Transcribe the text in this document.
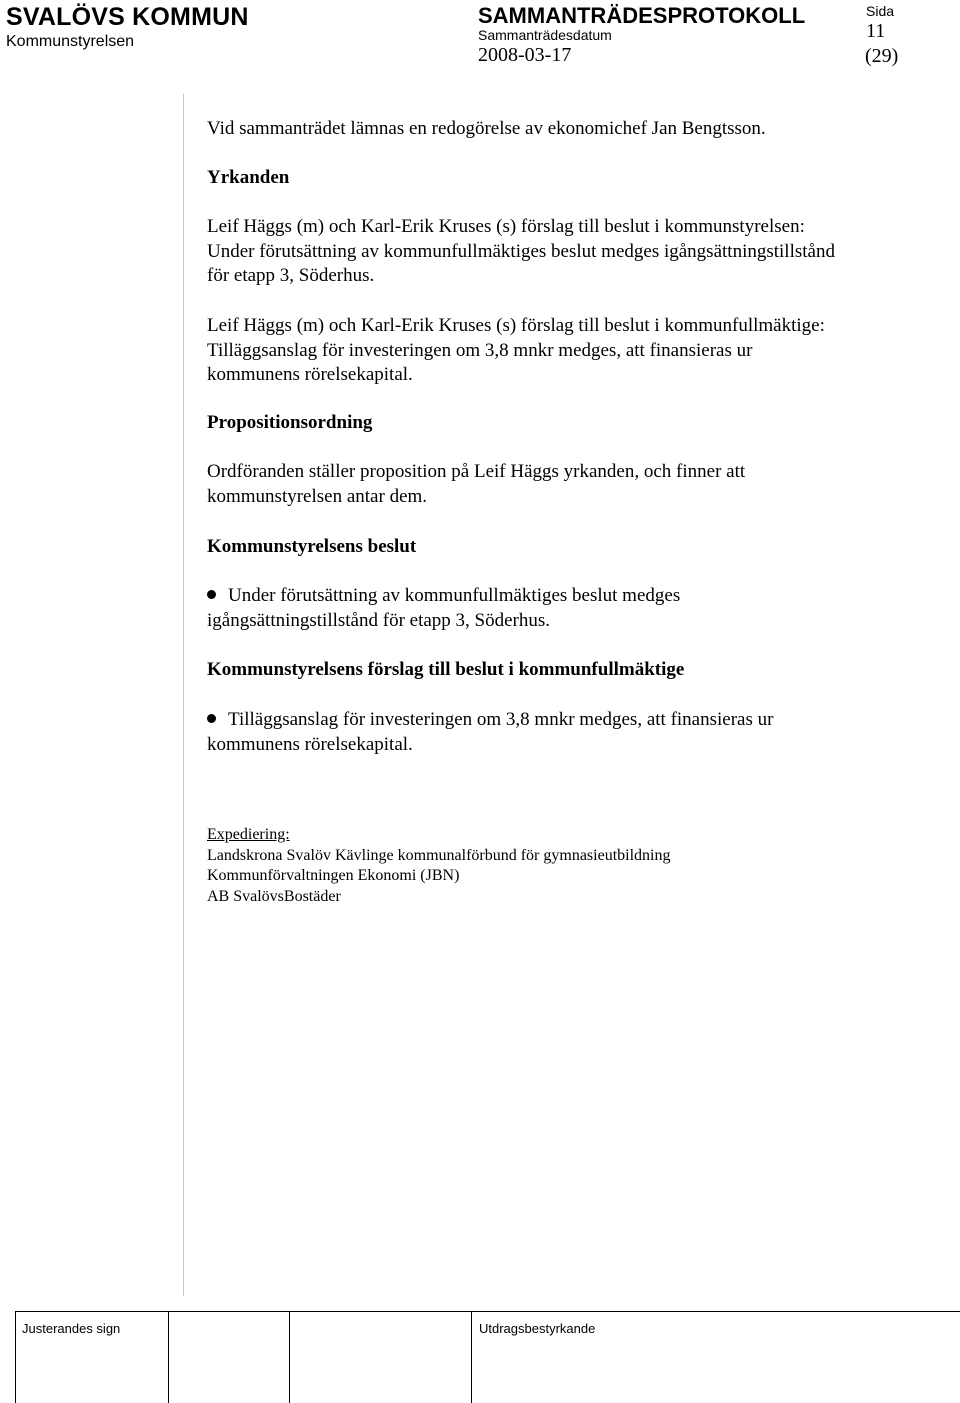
SVALÖVS KOMMUN
Kommunstyrelsen
SAMMANTRÄDESPROTOKOLL
Sammanträdesdatum
2008-03-17
Sida
11
(29)
Vid sammanträdet lämnas en redogörelse av ekonomichef Jan Bengtsson.
Yrkanden
Leif Häggs (m) och Karl-Erik Kruses (s) förslag till beslut i kommunstyrelsen:
Under förutsättning av kommunfullmäktiges beslut medges igångsättningstillstånd
för etapp 3, Söderhus.
Leif Häggs (m) och Karl-Erik Kruses (s) förslag till beslut i kommunfullmäktige:
Tilläggsanslag för investeringen om 3,8 mnkr medges, att finansieras ur
kommunens rörelsekapital.
Propositionsordning
Ordföranden ställer proposition på Leif Häggs yrkanden, och finner att
kommunstyrelsen antar dem.
Kommunstyrelsens beslut
Under förutsättning av kommunfullmäktiges beslut medges
igångsättningstillstånd för etapp 3, Söderhus.
Kommunstyrelsens förslag till beslut i kommunfullmäktige
Tilläggsanslag för investeringen om 3,8 mnkr medges, att finansieras ur
kommunens rörelsekapital.
Expediering:
Landskrona Svalöv Kävlinge kommunalförbund för gymnasieutbildning
Kommunförvaltningen Ekonomi (JBN)
AB SvalövsBostäder
Justerandes sign	Utdragsbestyrkande
